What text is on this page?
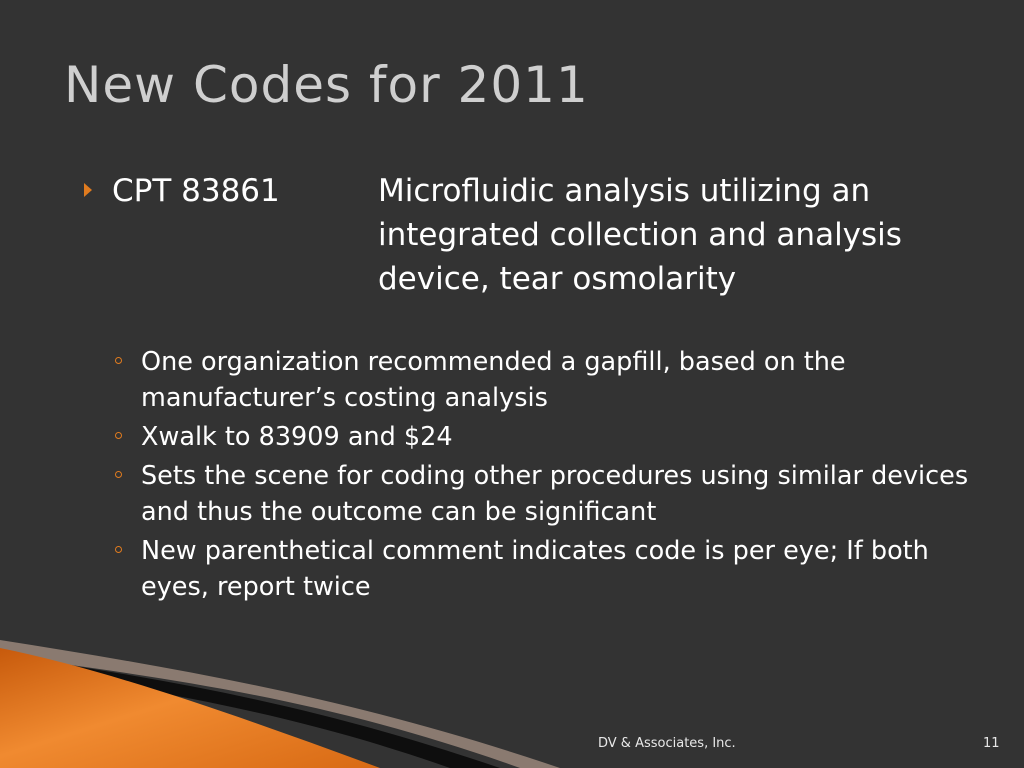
New Codes for 2011
CPT 83861	Microfluidic analysis utilizing an integrated collection and analysis device, tear osmolarity
One organization recommended a gapfill, based on the manufacturer’s costing analysis
Xwalk to 83909 and $24
Sets the scene for coding other procedures using similar devices and thus the outcome can be significant
New parenthetical comment indicates code is per eye; If both eyes, report twice
DV & Associates, Inc.	11
